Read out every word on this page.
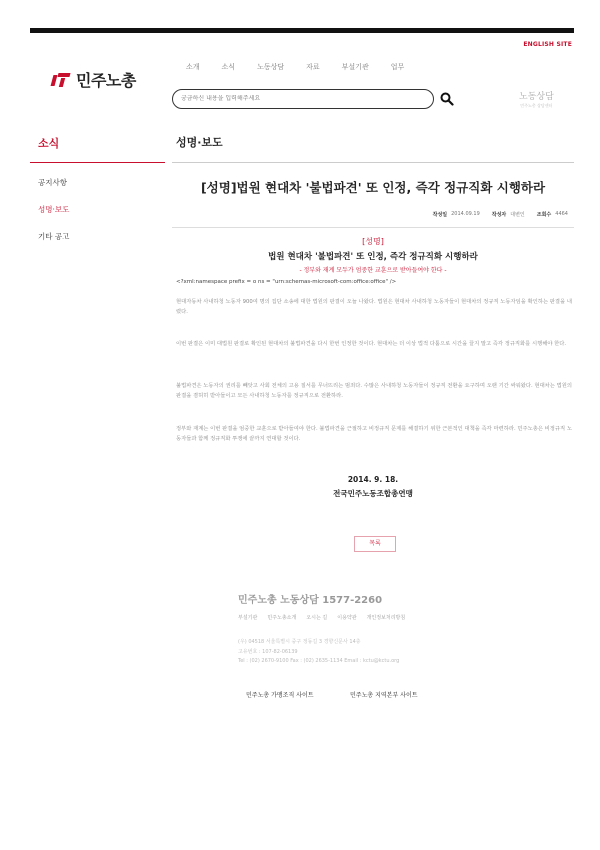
ENGLISH SITE
민주노총
소개	소식	노동상담	자료	부설기관	업무
궁금하신 내용을 입력해주세요
노동상담
민주노총 상담센터
소식
공지사항
성명·보도
기타 공고
성명·보도
[성명]법원 현대차 '불법파견' 또 인정, 즉각 정규직화 시행하라
작성일 2014.09.19 작성자 대변인 조회수 4464
[성명]
법원 현대차 '불법파견' 또 인정, 즉각 정규직화 시행하라
- 정부와 재계 모두가 엄중한 교훈으로 받아들여야 한다 -
<?xml:namespace prefix = o ns = "urn:schemas-microsoft-com:office:office" />
현대자동차 사내하청 노동자 900여 명의 집단 소송에 대한 법원의 판결이 오늘 나왔다. 법원은 현대차 사내하청 노동자들이 현대차의 정규직 노동자임을 확인하는 판결을 내렸다.
이번 판결은 이미 대법원 판결로 확인된 현대차의 불법파견을 다시 한번 인정한 것이다. 현대차는 더 이상 법적 다툼으로 시간을 끌지 말고 즉각 정규직화를 시행해야 한다.
불법파견은 노동자의 권리를 빼앗고 사회 전체의 고용 질서를 무너뜨리는 범죄다. 수많은 사내하청 노동자들이 정규직 전환을 요구하며 오랜 기간 싸워왔다. 현대차는 법원의 판결을 겸허히 받아들이고 모든 사내하청 노동자를 정규직으로 전환하라.
정부와 재계는 이번 판결을 엄중한 교훈으로 받아들여야 한다. 불법파견을 근절하고 비정규직 문제를 해결하기 위한 근본적인 대책을 즉각 마련하라. 민주노총은 비정규직 노동자들과 함께 정규직화 투쟁에 끝까지 연대할 것이다.
2014. 9. 18.
전국민주노동조합총연맹
목록
민주노총 노동상담 1577-2260
부설기관 민주노총소개 오시는 길 이용약관 개인정보처리방침
(우) 04518 서울특별시 중구 정동길 3 경향신문사 14층
고유번호 : 107-82-06139
Tel : (02) 2670-9100 Fax : (02) 2635-1134 Email : kctu@kctu.org
민주노총 가맹조직 사이트	민주노총 지역본부 사이트
